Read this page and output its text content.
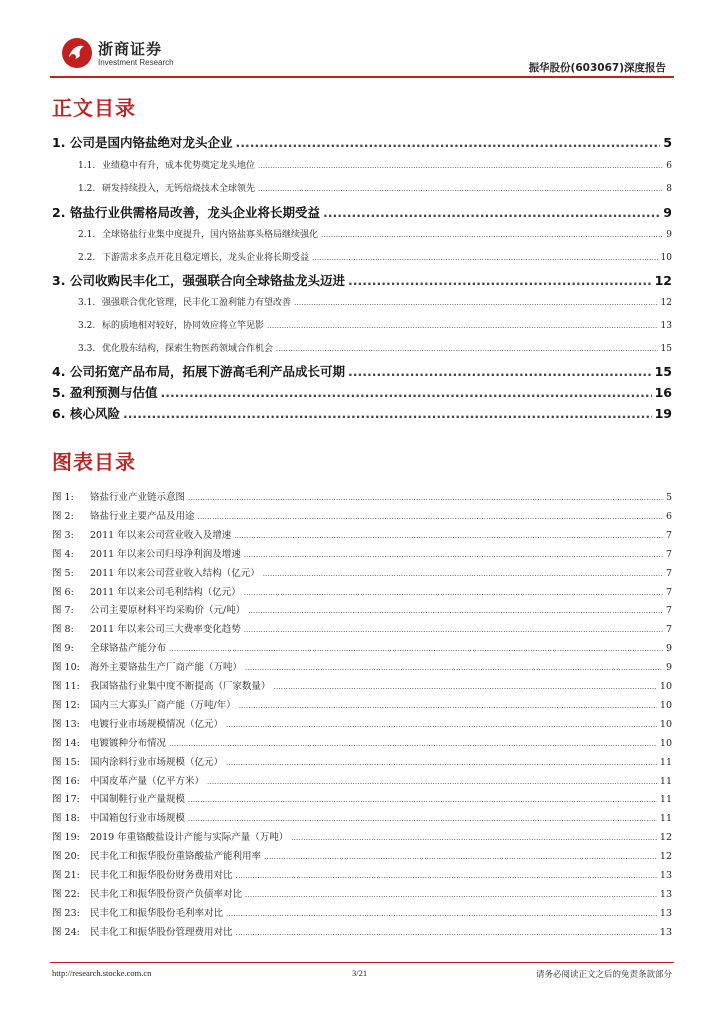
浙商证券
Investment Research	振华股份(603067)深度报告
正文目录
1. 公司是国内铬盐绝对龙头企业 .....	5
1.1. 业绩稳中有升，成本优势奠定龙头地位 .....	6
1.2. 研发持续投入，无钙焙烧技术全球领先 .....	8
2. 铬盐行业供需格局改善，龙头企业将长期受益 .....	9
2.1. 全球铬盐行业集中度提升，国内铬盐寡头格局继续强化 .....	9
2.2. 下游需求多点开花且稳定增长，龙头企业将长期受益 .....	10
3. 公司收购民丰化工，强强联合向全球铬盐龙头迈进 .....	12
3.1. 强强联合优化管理，民丰化工盈利能力有望改善 .....	12
3.2. 标的质地相对较好，协同效应将立竿见影 .....	13
3.3. 优化股东结构，探索生物医药领域合作机会 .....	15
4. 公司拓宽产品布局，拓展下游高毛利产品成长可期 .....	15
5. 盈利预测与估值 .....	16
6. 核心风险 .....	19
图表目录
图 1:	铬盐行业产业链示意图 .....	5
图 2:	铬盐行业主要产品及用途 .....	6
图 3:	2011 年以来公司营业收入及增速 .....	7
图 4:	2011 年以来公司归母净利润及增速 .....	7
图 5:	2011 年以来公司营业收入结构（亿元） .....	7
图 6:	2011 年以来公司毛利结构（亿元） .....	7
图 7:	公司主要原材料平均采购价（元/吨） .....	7
图 8:	2011 年以来公司三大费率变化趋势 .....	7
图 9:	全球铬盐产能分布 .....	9
图 10:	海外主要铬盐生产厂商产能（万吨） .....	9
图 11:	我国铬盐行业集中度不断提高（厂家数量） .....	10
图 12:	国内三大寡头厂商产能（万吨/年） .....	10
图 13:	电镀行业市场规模情况（亿元） .....	10
图 14:	电镀镀种分布情况 .....	10
图 15:	国内涂料行业市场规模（亿元） .....	11
图 16:	中国皮革产量（亿平方米） .....	11
图 17:	中国制鞋行业产量规模 .....	11
图 18:	中国箱包行业市场规模 .....	11
图 19:	2019 年重铬酸盐设计产能与实际产量（万吨） .....	12
图 20:	民丰化工和振华股份重铬酸盐产能利用率 .....	12
图 21:	民丰化工和振华股份财务费用对比 .....	13
图 22:	民丰化工和振华股份资产负债率对比 .....	13
图 23:	民丰化工和振华股份毛利率对比 .....	13
图 24:	民丰化工和振华股份管理费用对比 .....	13
http://research.stocke.com.cn	3/21	请务必阅读正文之后的免责条款部分
